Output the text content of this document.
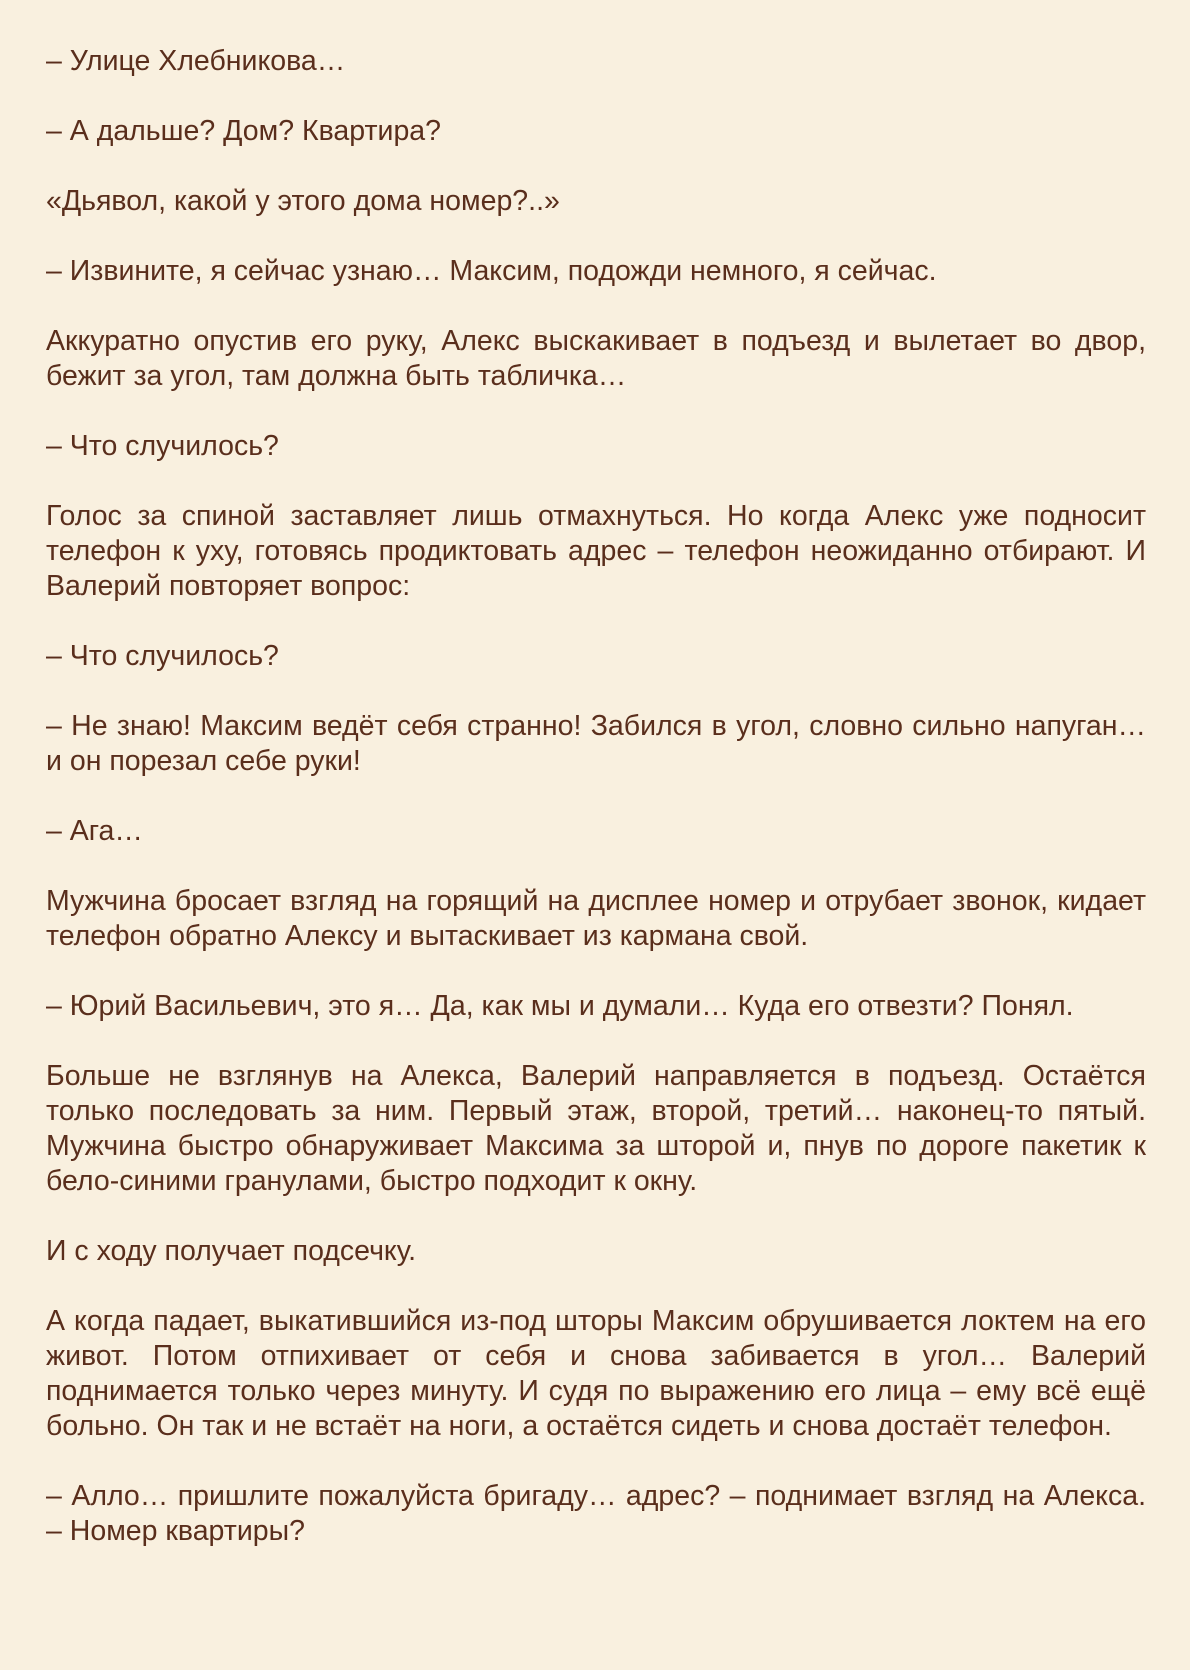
– Улице Хлебникова…

– А дальше? Дом? Квартира?

«Дьявол, какой у этого дома номер?..»

– Извините, я сейчас узнаю… Максим, подожди немного, я сейчас.

Аккуратно опустив его руку, Алекс выскакивает в подъезд и вылетает во двор, бежит за угол, там должна быть табличка…

– Что случилось?

Голос за спиной заставляет лишь отмахнуться. Но когда Алекс уже подносит телефон к уху, готовясь продиктовать адрес – телефон неожиданно отбирают. И Валерий повторяет вопрос:

– Что случилось?

– Не знаю! Максим ведёт себя странно! Забился в угол, словно сильно напуган… и он порезал себе руки!

– Ага…

Мужчина бросает взгляд на горящий на дисплее номер и отрубает звонок, кидает телефон обратно Алексу и вытаскивает из кармана свой.

– Юрий Васильевич, это я… Да, как мы и думали… Куда его отвезти? Понял.

Больше не взглянув на Алекса, Валерий направляется в подъезд. Остаётся только последовать за ним. Первый этаж, второй, третий… наконец-то пятый. Мужчина быстро обнаруживает Максима за шторой и, пнув по дороге пакетик к бело-синими гранулами, быстро подходит к окну.

И с ходу получает подсечку.

А когда падает, выкатившийся из-под шторы Максим обрушивается локтем на его живот. Потом отпихивает от себя и снова забивается в угол… Валерий поднимается только через минуту. И судя по выражению его лица – ему всё ещё больно. Он так и не встаёт на ноги, а остаётся сидеть и снова достаёт телефон.

– Алло… пришлите пожалуйста бригаду… адрес? – поднимает взгляд на Алекса. – Номер квартиры?
